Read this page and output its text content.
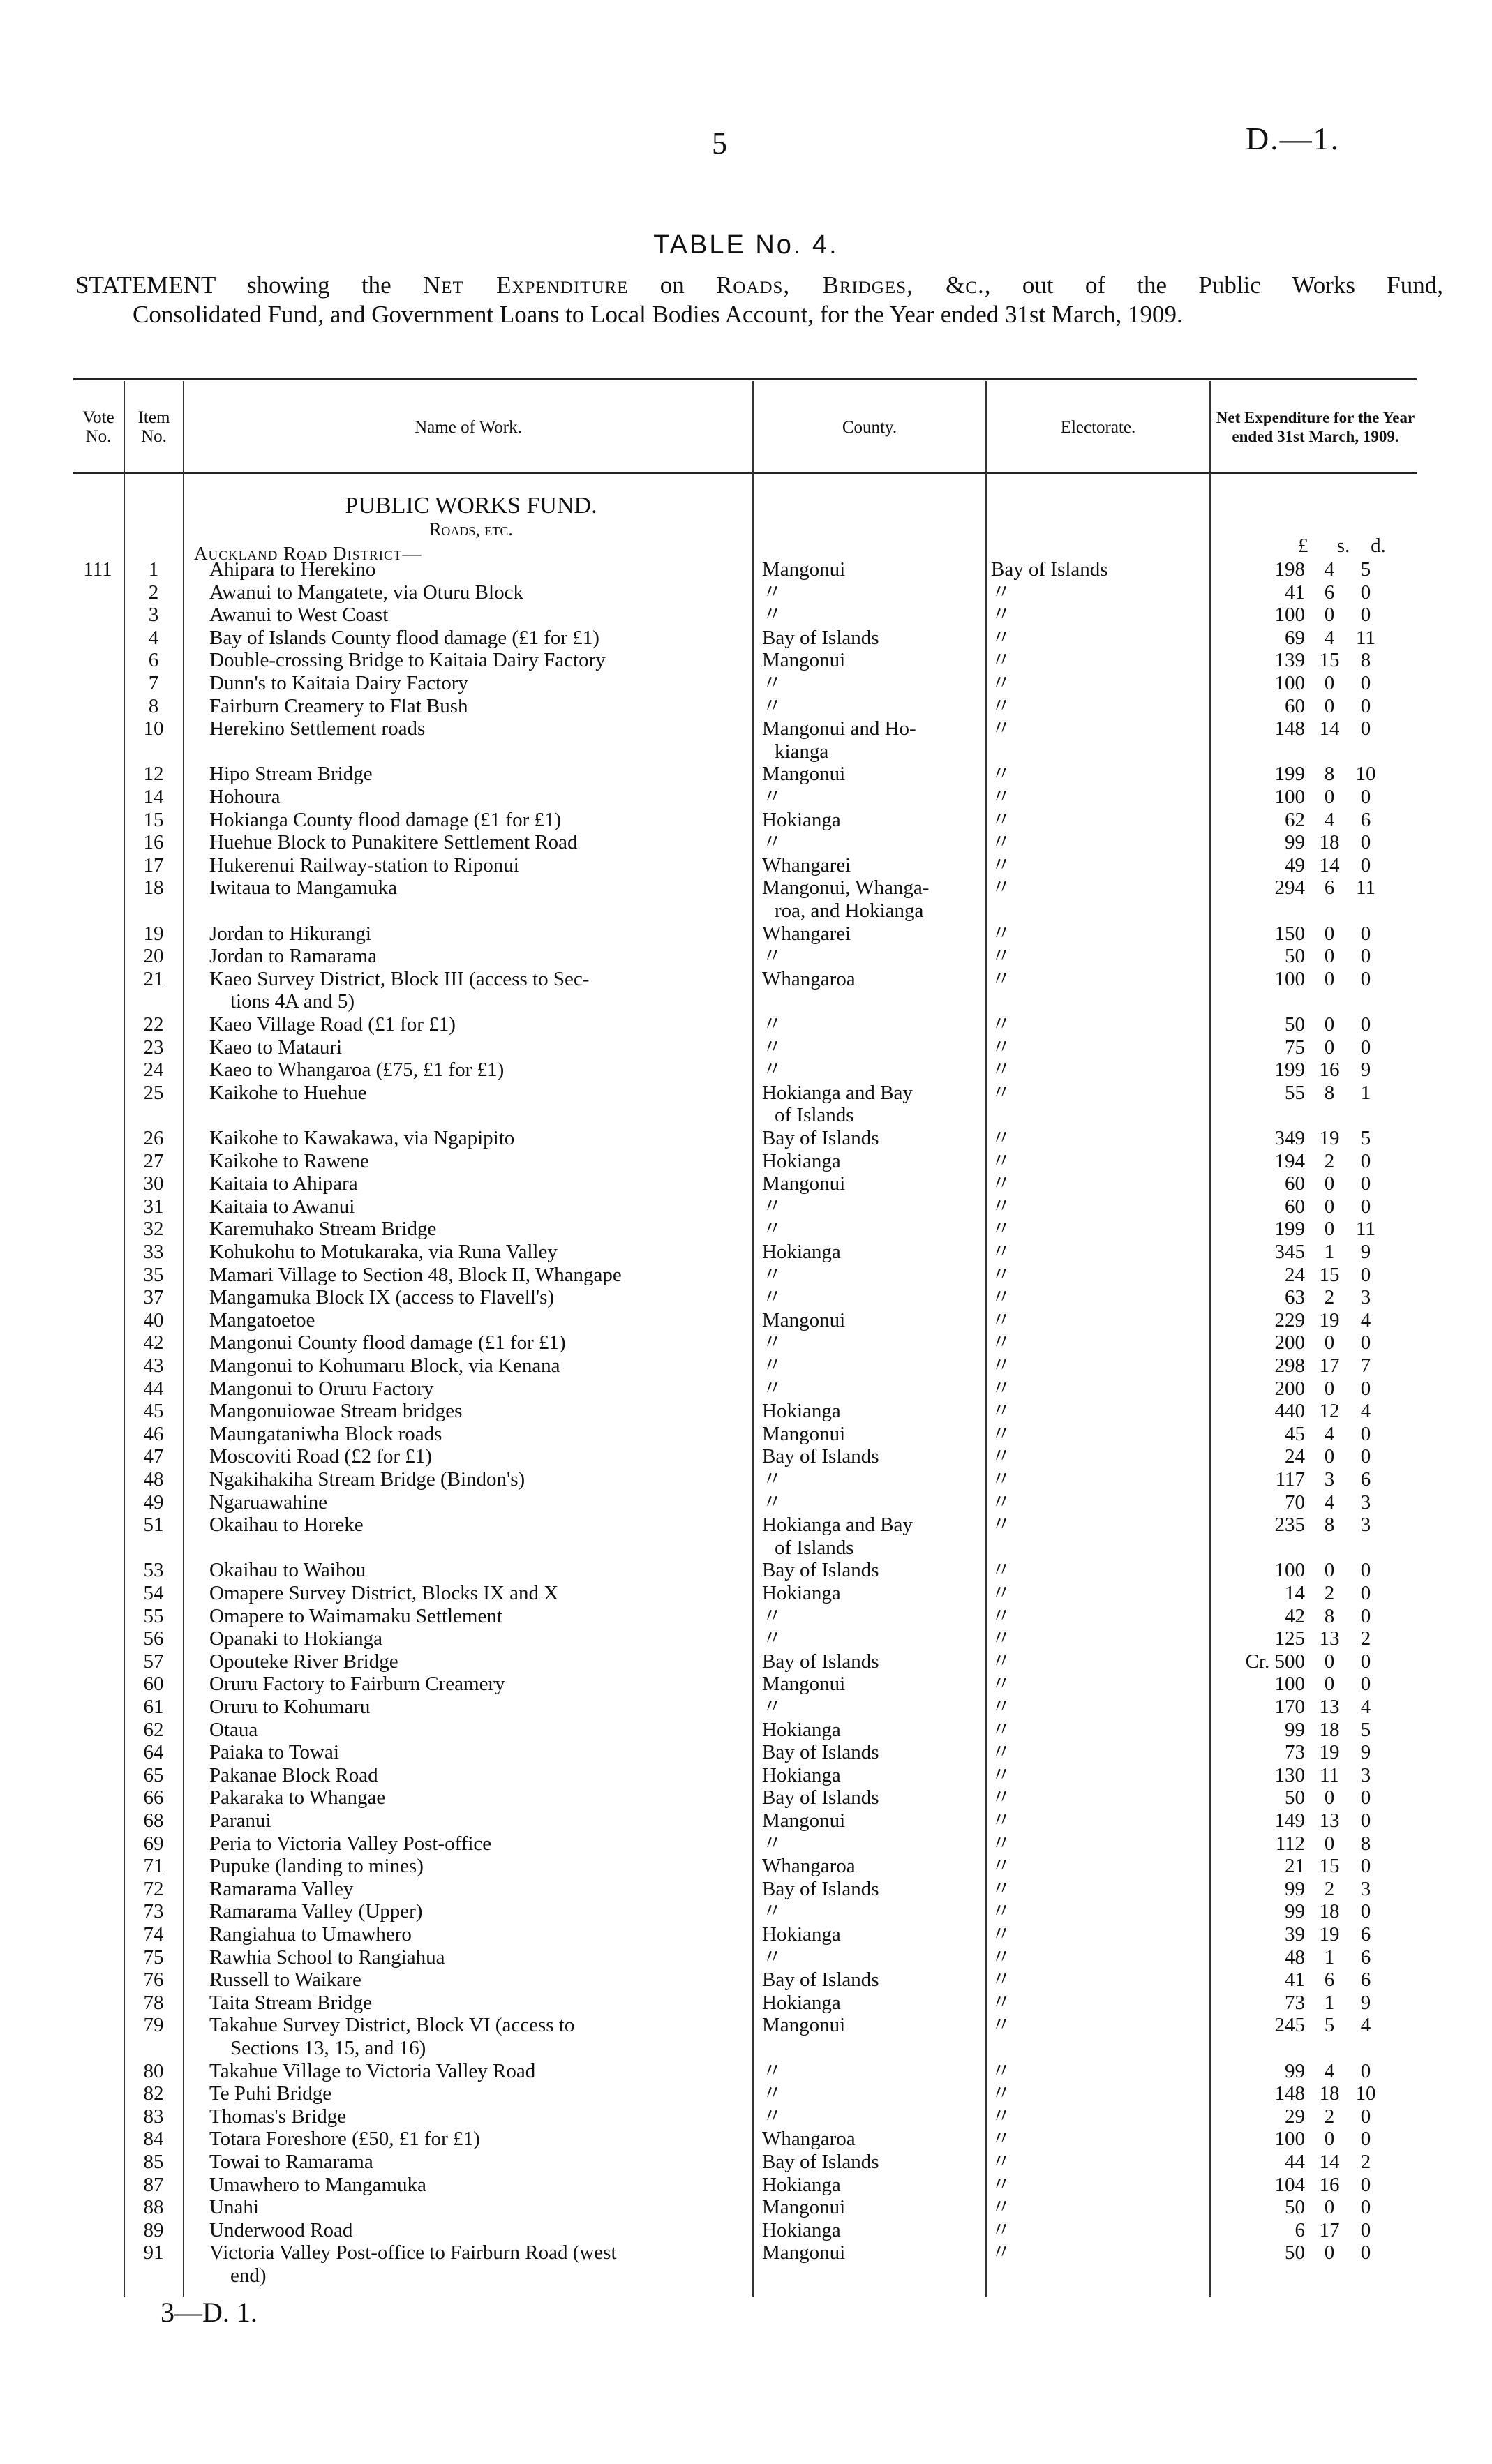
5	D.—1.
TABLE No. 4.
STATEMENT showing the Net Expenditure on Roads, Bridges, &c., out of the Public Works Fund,
Consolidated Fund, and Government Loans to Local Bodies Account, for the Year ended 31st March, 1909.
Vote No.
Item No.	Name of Work.	County.	Electorate.	Net Expenditure for the Year ended 31st March, 1909.
PUBLIC WORKS FUND.
Roads, etc.
Auckland Road District—	£	s.	d.
111	1	Ahipara to Herekino	Mangonui	Bay of Islands	198 4	5
2	Awanui to Mangatete, via Oturu Block	〃	〃	41 6	0
3	Awanui to West Coast	〃	〃	100 0	0
4	Bay of Islands County flood damage (£1 for £1)	Bay of Islands	〃	69 4	11
6	Double-crossing Bridge to Kaitaia Dairy Factory	Mangonui	〃	139 15	8
7	Dunn's to Kaitaia Dairy Factory	〃	〃	100 0	0
8	Fairburn Creamery to Flat Bush	〃	〃	60 0	0
10	Herekino Settlement roads	Mangonui and Ho-	〃	148 14	0
kianga
12	Hipo Stream Bridge	Mangonui	〃	199 8	10
14	Hohoura	〃	〃	100 0	0
15	Hokianga County flood damage (£1 for £1)	Hokianga	〃	62 4	6
16	Huehue Block to Punakitere Settlement Road	〃	〃	99 18	0
17	Hukerenui Railway-station to Riponui	Whangarei	〃	49 14	0
18	Iwitaua to Mangamuka	Mangonui, Whanga-	〃	294 6	11
roa, and Hokianga
19	Jordan to Hikurangi	Whangarei	〃	150 0	0
20	Jordan to Ramarama	〃	〃	50 0	0
21	Kaeo Survey District, Block III (access to Sec-	Whangaroa	〃	100 0	0
tions 4A and 5)
22	Kaeo Village Road (£1 for £1)	〃	〃	50 0	0
23	Kaeo to Matauri	〃	〃	75 0	0
24	Kaeo to Whangaroa (£75, £1 for £1)	〃	〃	199 16	9
25	Kaikohe to Huehue	Hokianga and Bay	〃	55 8	1
of Islands
26	Kaikohe to Kawakawa, via Ngapipito	Bay of Islands	〃	349 19	5
27	Kaikohe to Rawene	Hokianga	〃	194 2	0
30	Kaitaia to Ahipara	Mangonui	〃	60 0	0
31	Kaitaia to Awanui	〃	〃	60 0	0
32	Karemuhako Stream Bridge	〃	〃	199 0	11
33	Kohukohu to Motukaraka, via Runa Valley	Hokianga	〃	345 1	9
35	Mamari Village to Section 48, Block II, Whangape	〃	〃	24 15	0
37	Mangamuka Block IX (access to Flavell's)	〃	〃	63 2	3
40	Mangatoetoe	Mangonui	〃	229 19	4
42	Mangonui County flood damage (£1 for £1)	〃	〃	200 0	0
43	Mangonui to Kohumaru Block, via Kenana	〃	〃	298 17	7
44	Mangonui to Oruru Factory	〃	〃	200 0	0
45	Mangonuiowae Stream bridges	Hokianga	〃	440 12	4
46	Maungataniwha Block roads	Mangonui	〃	45 4	0
47	Moscoviti Road (£2 for £1)	Bay of Islands	〃	24 0	0
48	Ngakihakiha Stream Bridge (Bindon's)	〃	〃	117 3	6
49	Ngaruawahine	〃	〃	70 4	3
51	Okaihau to Horeke	Hokianga and Bay	〃	235 8	3
of Islands
53	Okaihau to Waihou	Bay of Islands	〃	100 0	0
54	Omapere Survey District, Blocks IX and X	Hokianga	〃	14 2	0
55	Omapere to Waimamaku Settlement	〃	〃	42 8	0
56	Opanaki to Hokianga	〃	〃	125 13	2
57	Opouteke River Bridge	Bay of Islands	〃	Cr. 500 0	0
60	Oruru Factory to Fairburn Creamery	Mangonui	〃	100 0	0
61	Oruru to Kohumaru	〃	〃	170 13	4
62	Otaua	Hokianga	〃	99 18	5
64	Paiaka to Towai	Bay of Islands	〃	73 19	9
65	Pakanae Block Road	Hokianga	〃	130 11	3
66	Pakaraka to Whangae	Bay of Islands	〃	50 0	0
68	Paranui	Mangonui	〃	149 13	0
69	Peria to Victoria Valley Post-office	〃	〃	112 0	8
71	Pupuke (landing to mines)	Whangaroa	〃	21 15	0
72	Ramarama Valley	Bay of Islands	〃	99 2	3
73	Ramarama Valley (Upper)	〃	〃	99 18	0
74	Rangiahua to Umawhero	Hokianga	〃	39 19	6
75	Rawhia School to Rangiahua	〃	〃	48 1	6
76	Russell to Waikare	Bay of Islands	〃	41 6	6
78	Taita Stream Bridge	Hokianga	〃	73 1	9
79	Takahue Survey District, Block VI (access to	Mangonui	〃	245 5	4
Sections 13, 15, and 16)
80	Takahue Village to Victoria Valley Road	〃	〃	99 4	0
82	Te Puhi Bridge	〃	〃	148 18 10
83	Thomas's Bridge	〃	〃	29 2	0
84	Totara Foreshore (£50, £1 for £1)	Whangaroa	〃	100 0	0
85	Towai to Ramarama	Bay of Islands	〃	44 14	2
87	Umawhero to Mangamuka	Hokianga	〃	104 16	0
88	Unahi	Mangonui	〃	50 0	0
89	Underwood Road	Hokianga	〃	6 17	0
91	Victoria Valley Post-office to Fairburn Road (west	Mangonui	〃	50 0	0
end)
3—D. 1.
